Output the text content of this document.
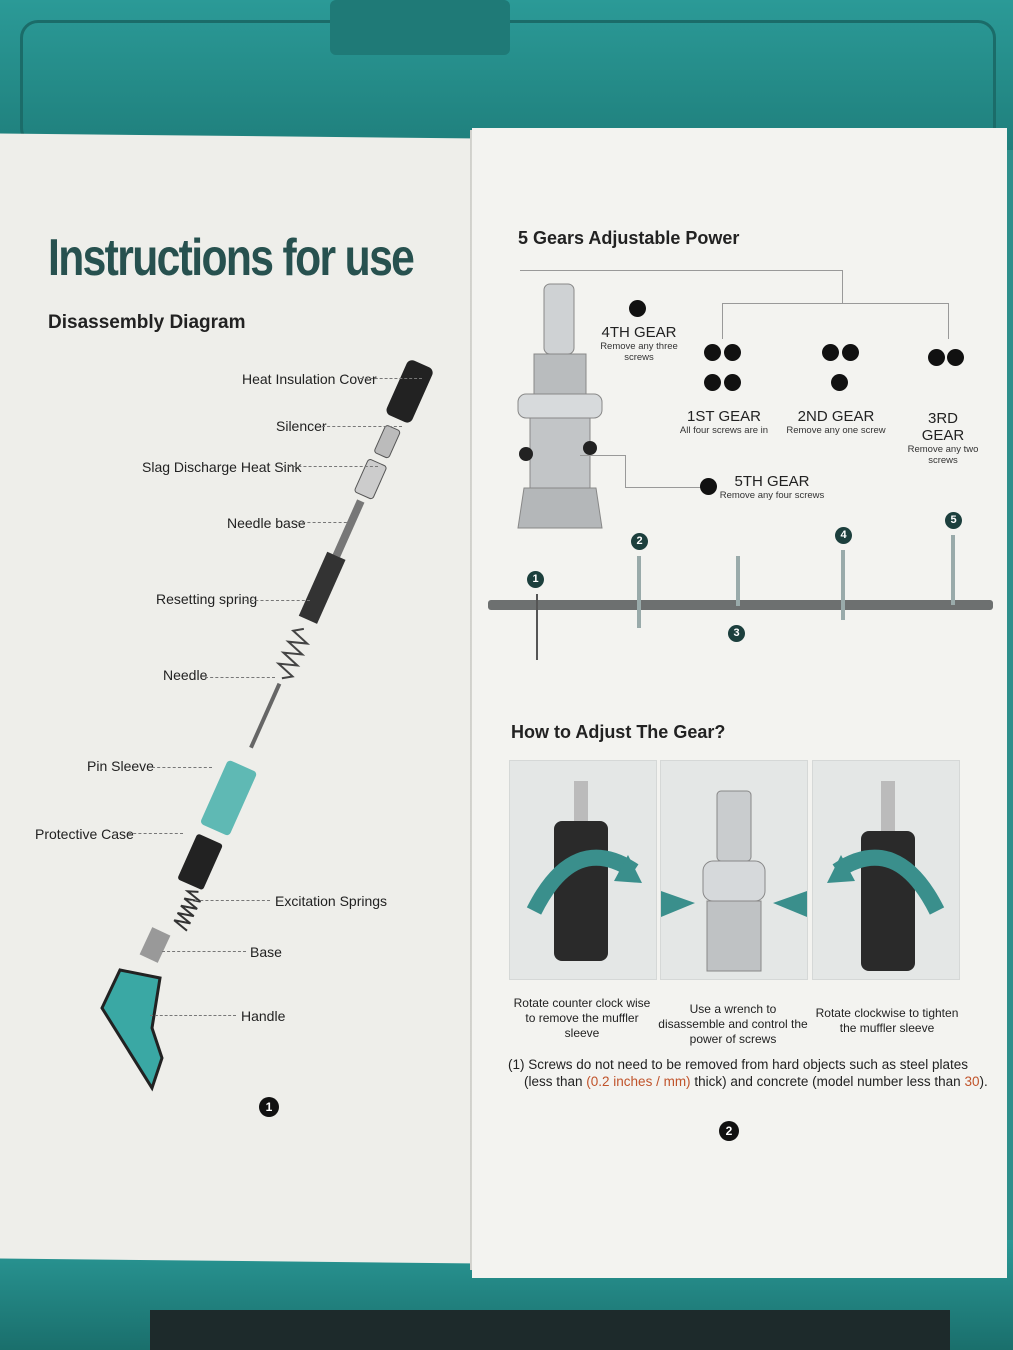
Instructions for use
Disassembly Diagram
Heat Insulation Cover
Silencer
Slag Discharge Heat Sink
Needle base
Resetting spring
Needle
Pin Sleeve
Protective Case
Excitation Springs
Base
Handle
1
5 Gears Adjustable Power
4TH GEAR
Remove any three screws
1ST GEAR
All four screws are in
2ND GEAR
Remove any one screw
3RD GEAR
Remove any two screws
5TH GEAR
Remove any four screws
1
2
3
4
5
How to Adjust The Gear?
Rotate counter clock wise to remove the muffler sleeve
Use a wrench to disassemble and control the power of screws
Rotate clockwise to tighten the muffler sleeve
(1) Screws do not need to be removed from hard objects such as steel plates
(less than (0.2 inches / mm) thick) and concrete (model number less than 30).
2
